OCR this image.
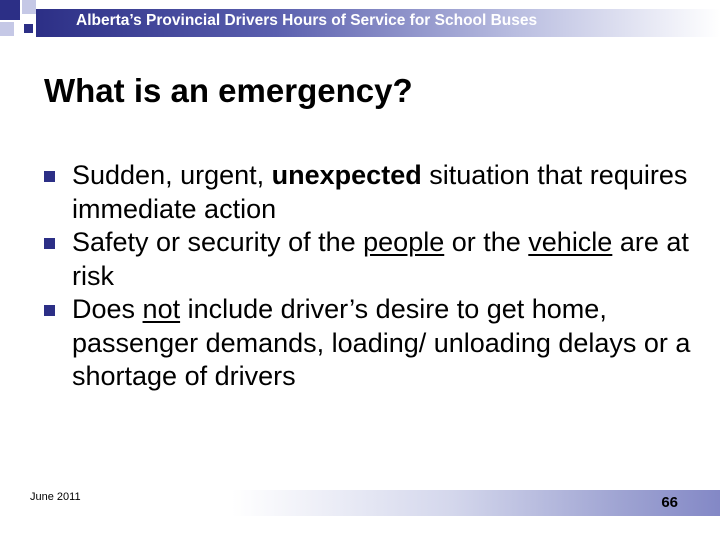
Alberta’s Provincial Drivers Hours of Service for School Buses
What is an emergency?
Sudden, urgent, unexpected situation that requires immediate action
Safety or security of the people or the vehicle are at risk
Does not include driver’s desire to get home, passenger demands, loading/ unloading delays or a shortage of drivers
June 2011	66
